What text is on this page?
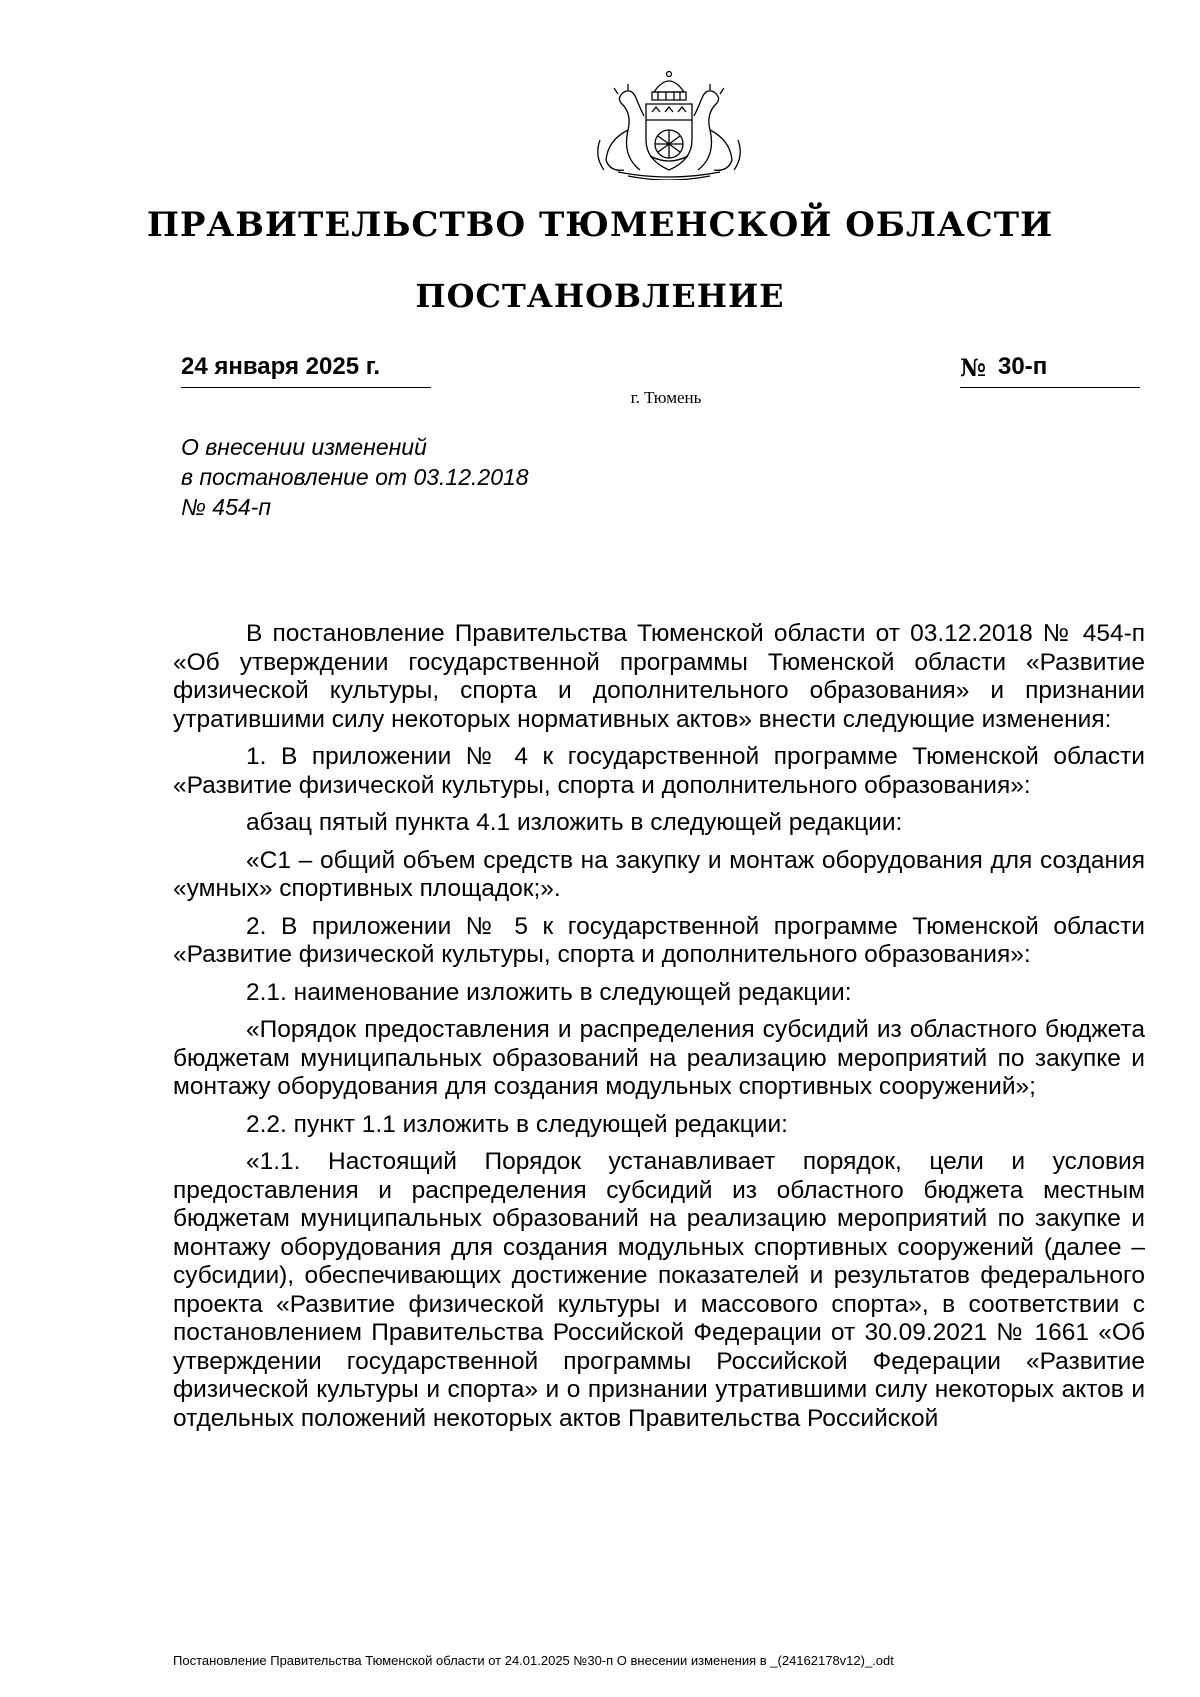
ПРАВИТЕЛЬСТВО ТЮМЕНСКОЙ ОБЛАСТИ
ПОСТАНОВЛЕНИЕ
24 января 2025 г.	№ 30-п
г. Тюмень
О внесении изменений
в постановление от 03.12.2018
№ 454-п

В постановление Правительства Тюменской области от 03.12.2018 № 454-п «Об утверждении государственной программы Тюменской области «Развитие физической культуры, спорта и дополнительного образования» и признании утратившими силу некоторых нормативных актов» внести следующие изменения:

1. В приложении № 4 к государственной программе Тюменской области «Развитие физической культуры, спорта и дополнительного образования»:

абзац пятый пункта 4.1 изложить в следующей редакции:

«С1 – общий объем средств на закупку и монтаж оборудования для создания «умных» спортивных площадок;».

2. В приложении № 5 к государственной программе Тюменской области «Развитие физической культуры, спорта и дополнительного образования»:

2.1. наименование изложить в следующей редакции:

«Порядок предоставления и распределения субсидий из областного бюджета бюджетам муниципальных образований на реализацию мероприятий по закупке и монтажу оборудования для создания модульных спортивных сооружений»;

2.2. пункт 1.1 изложить в следующей редакции:

«1.1. Настоящий Порядок устанавливает порядок, цели и условия предоставления и распределения субсидий из областного бюджета местным бюджетам муниципальных образований на реализацию мероприятий по закупке и монтажу оборудования для создания модульных спортивных сооружений (далее – субсидии), обеспечивающих достижение показателей и результатов федерального проекта «Развитие физической культуры и массового спорта», в соответствии с постановлением Правительства Российской Федерации от 30.09.2021 № 1661 «Об утверждении государственной программы Российской Федерации «Развитие физической культуры и спорта» и о признании утратившими силу некоторых актов и отдельных положений некоторых актов Правительства Российской

Постановление Правительства Тюменской области от 24.01.2025 №30-п О внесении изменения в _(24162178v12)_.odt
